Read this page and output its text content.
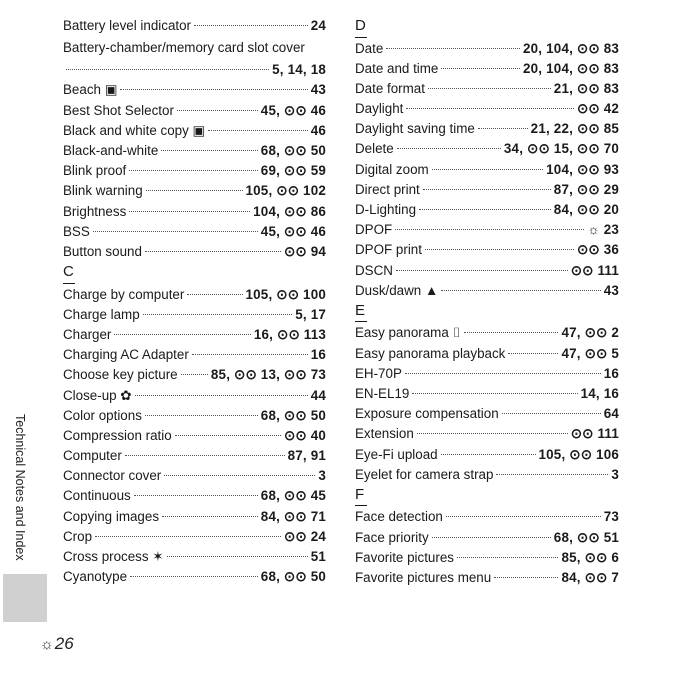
Battery level indicator	24
Battery-chamber/memory card slot cover
5, 14, 18
Beach ▣	43
Best Shot Selector	45, ⊙⊙ 46
Black and white copy ▣	46
Black-and-white	68, ⊙⊙ 50
Blink proof	69, ⊙⊙ 59
Blink warning	105, ⊙⊙ 102
Brightness	104, ⊙⊙ 86
BSS	45, ⊙⊙ 46
Button sound	⊙⊙ 94
C
Charge by computer	105, ⊙⊙ 100
Charge lamp	5, 17
Charger	16, ⊙⊙ 113
Charging AC Adapter	16
Choose key picture 85, ⊙⊙ 13, ⊙⊙ 73
Close-up ✿	44
Color options	68, ⊙⊙ 50
Compression ratio	⊙⊙ 40
Computer	87, 91
Connector cover	3
Continuous	68, ⊙⊙ 45
Copying images	84, ⊙⊙ 71
Crop	⊙⊙ 24
Cross process ✶	51
Cyanotype	68, ⊙⊙ 50
D
Date	20, 104, ⊙⊙ 83
Date and time	20, 104, ⊙⊙ 83
Date format	21, ⊙⊙ 83
Daylight	⊙⊙ 42
Daylight saving time	21, 22, ⊙⊙ 85
Delete	34, ⊙⊙ 15, ⊙⊙ 70
Digital zoom	104, ⊙⊙ 93
Direct print	87, ⊙⊙ 29
D-Lighting	84, ⊙⊙ 20
DPOF	☼ 23
DPOF print	⊙⊙ 36
DSCN	⊙⊙ 111
Dusk/dawn ▲	43
E
Easy panorama ⌷	47, ⊙⊙ 2
Easy panorama playback	47, ⊙⊙ 5
EH-70P	16
EN-EL19	14, 16
Exposure compensation	64
Extension	⊙⊙ 111
Eye-Fi upload	105, ⊙⊙ 106
Eyelet for camera strap	3
F
Face detection	73
Face priority	68, ⊙⊙ 51
Favorite pictures	85, ⊙⊙ 6
Favorite pictures menu	84, ⊙⊙ 7
Technical Notes and Index
☼26
